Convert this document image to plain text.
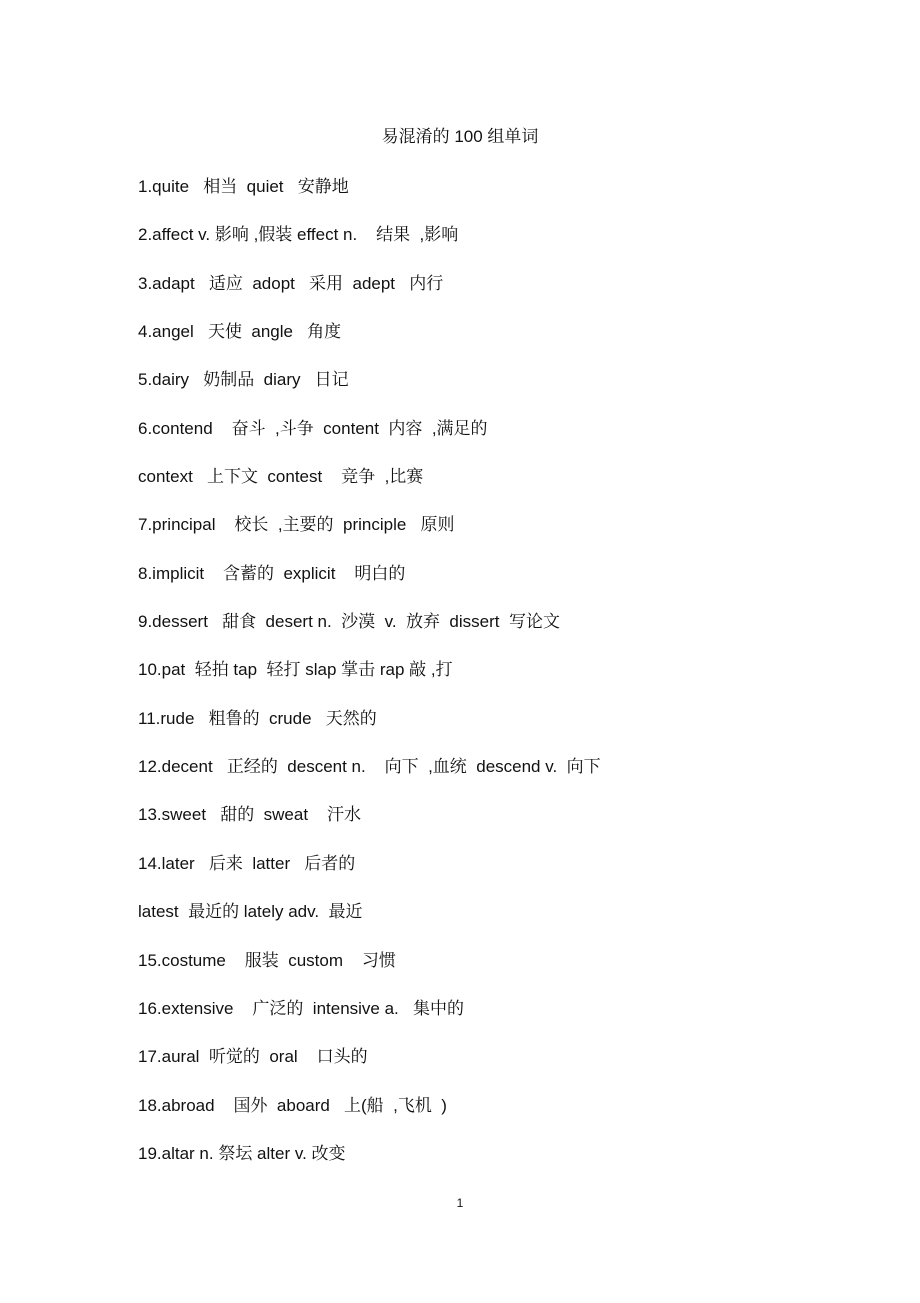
易混淆的 100 组单词
1.quite   相当  quiet   安静地
2.affect v. 影响 ,假装 effect n.    结果  ,影响
3.adapt   适应  adopt   采用  adept   内行
4.angel   天使  angle   角度
5.dairy   奶制品  diary   日记
6.contend    奋斗  ,斗争  content  内容  ,满足的
context   上下文  contest    竞争  ,比赛
7.principal    校长  ,主要的  principle   原则
8.implicit    含蓄的  explicit    明白的
9.dessert   甜食  desert n.  沙漠  v.  放弃  dissert  写论文
10.pat  轻拍 tap  轻打 slap 掌击 rap 敲 ,打
11.rude   粗鲁的  crude   天然的
12.decent   正经的  descent n.    向下  ,血统  descend v.  向下
13.sweet   甜的  sweat    汗水
14.later   后来  latter   后者的
latest  最近的 lately adv.  最近
15.costume    服装  custom    习惯
16.extensive    广泛的  intensive a.   集中的
17.aural  听觉的  oral    口头的
18.abroad    国外  aboard   上(船  ,飞机  )
19.altar n. 祭坛 alter v. 改变
1
